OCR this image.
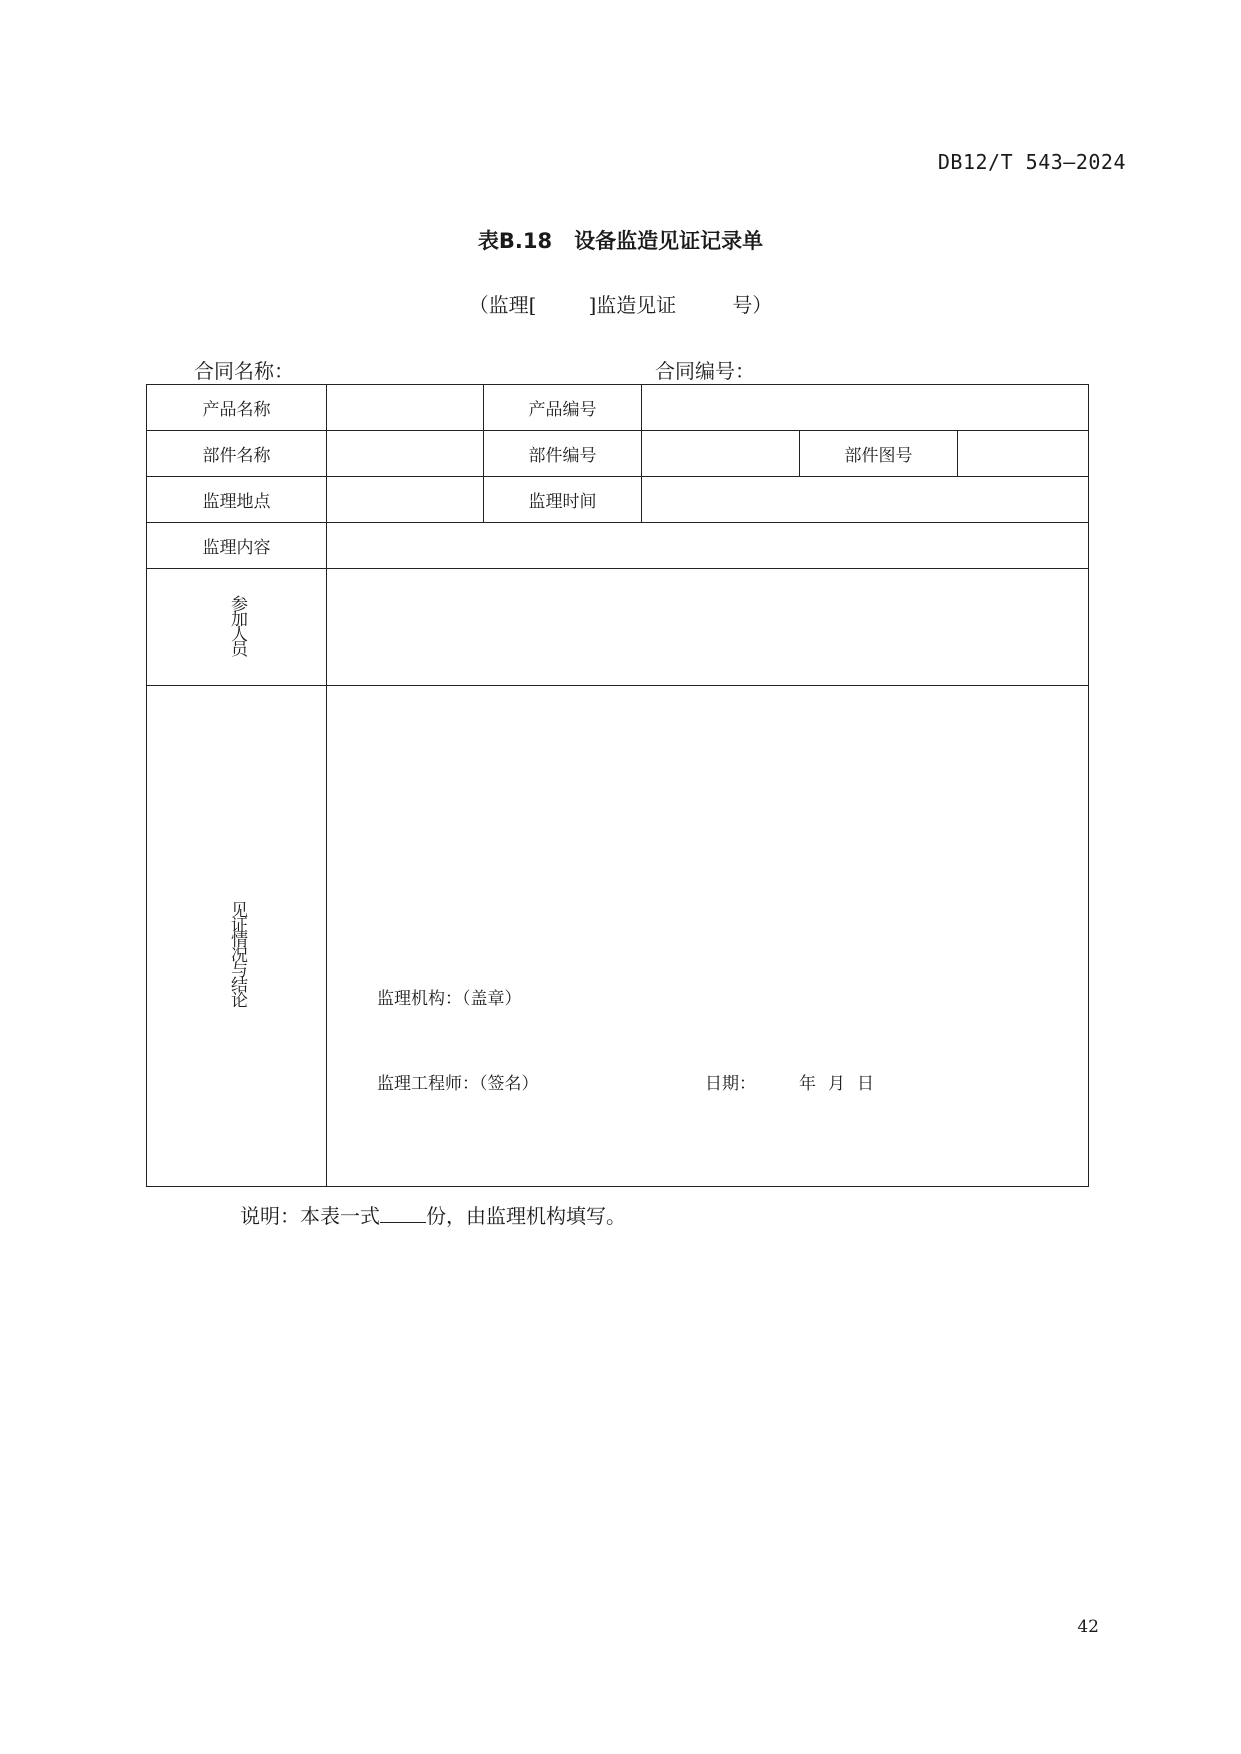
DB12/T 543—2024
表B.18 设备监造见证记录单
（监理[	]监造见证	号）
合同名称：	合同编号：
产品名称		产品编号			
部件名称		部件编号		部件图号	
监理地点		监理时间			
监理内容					
参加人员					
见证情况与结论	监理机构：（盖章）
监理工程师：（签名） 日期： 年 月 日				
说明：本表一式 份，由监理机构填写。
42
